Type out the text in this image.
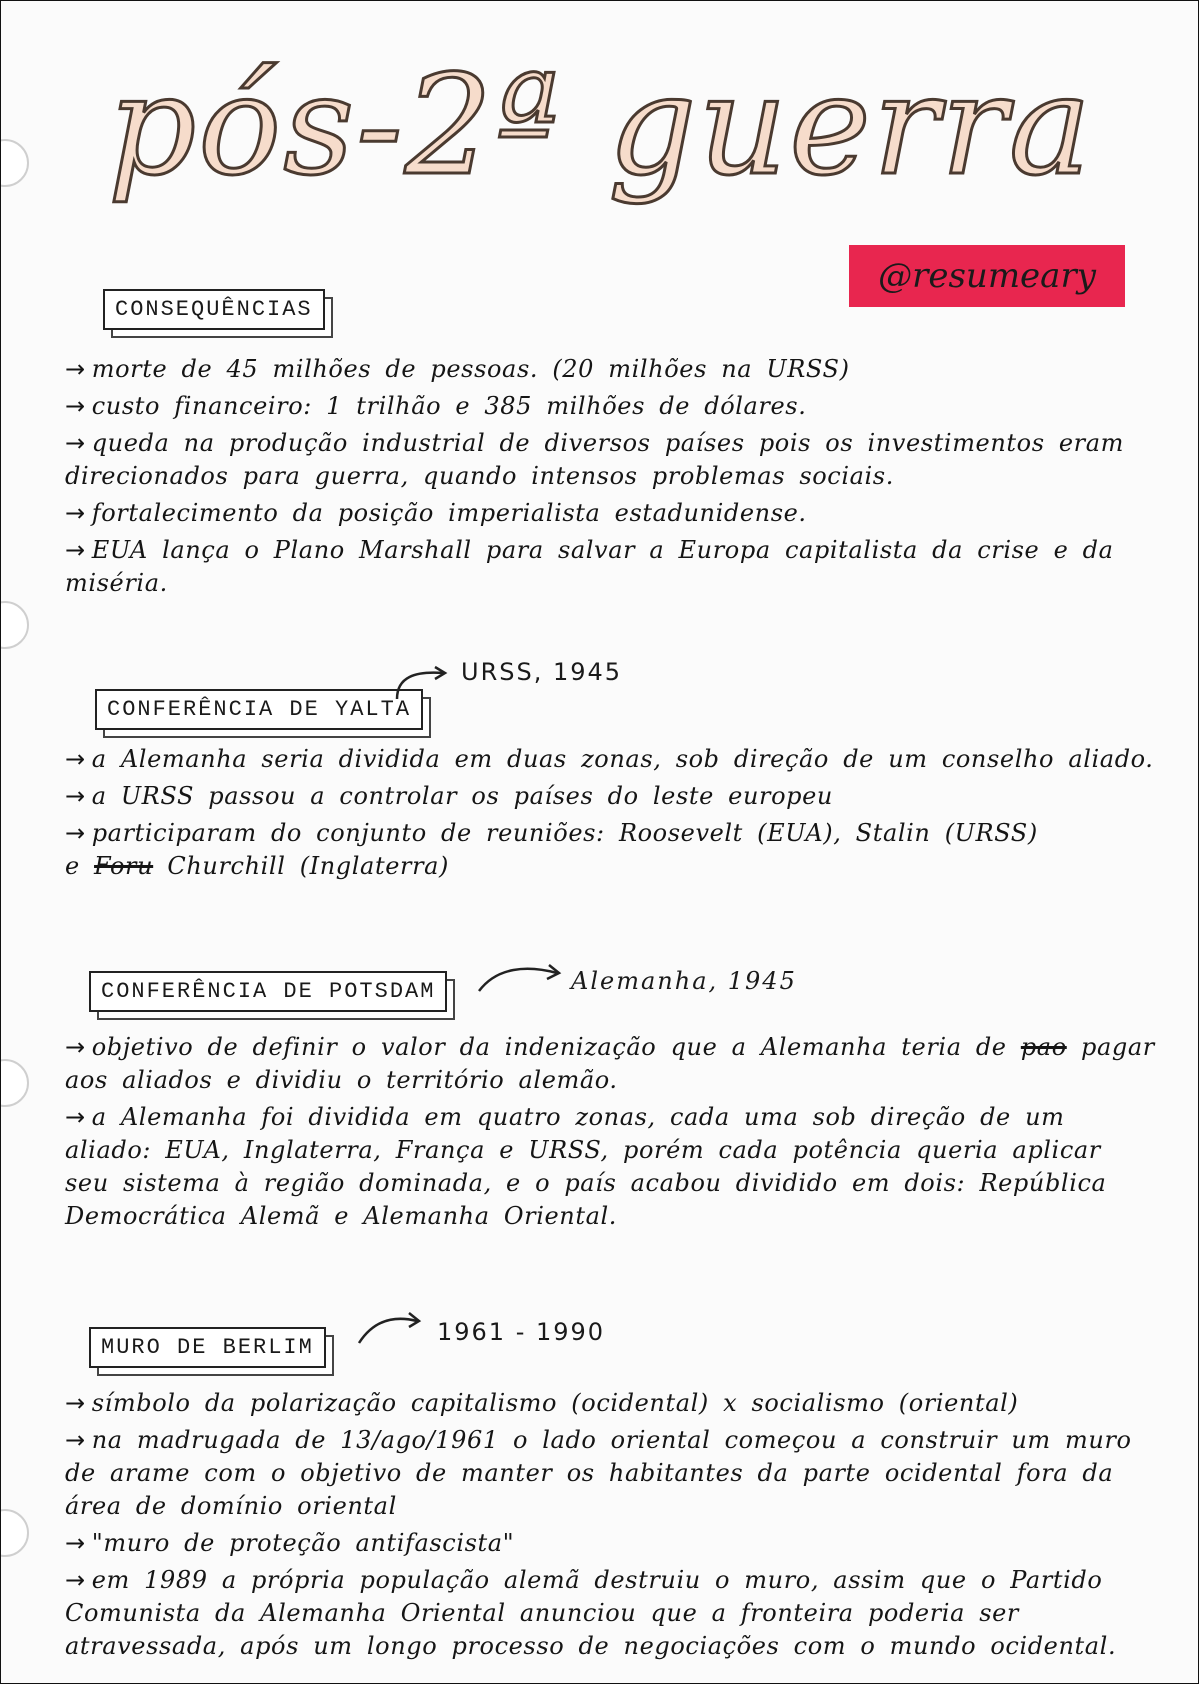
pós-2ª guerra
@resumeary
CONSEQUÊNCIAS

→ morte de 45 milhões de pessoas. (20 milhões na URSS)

→ custo financeiro: 1 trilhão e 385 milhões de dólares.

→ queda na produção industrial de diversos países pois os investimentos eram direcionados para guerra, quando intensos problemas sociais.

→ fortalecimento da posição imperialista estadunidense.

→ EUA lança o Plano Marshall para salvar a Europa capitalista da crise e da miséria.

CONFERÊNCIA DE YALTA
URSS, 1945

→ a Alemanha seria dividida em duas zonas, sob direção de um conselho aliado.

→ a URSS passou a controlar os países do leste europeu

→ participaram do conjunto de reuniões: Roosevelt (EUA), Stalin (URSS)

e Foru Churchill (Inglaterra)

CONFERÊNCIA DE POTSDAM	Alemanha, 1945

→ objetivo de definir o valor da indenização que a Alemanha teria de pao pagar aos aliados e dividiu o território alemão.

→ a Alemanha foi dividida em quatro zonas, cada uma sob direção de um aliado: EUA, Inglaterra, França e URSS, porém cada potência queria aplicar seu sistema à região dominada, e o país acabou dividido em dois: República Democrática Alemã e Alemanha Oriental.

MURO DE BERLIM
1961 - 1990

→ símbolo da polarização capitalismo (ocidental) x socialismo (oriental)

→ na madrugada de 13/ago/1961 o lado oriental começou a construir um muro de arame com o objetivo de manter os habitantes da parte ocidental fora da área de domínio oriental

→ "muro de proteção antifascista"

→ em 1989 a própria população alemã destruiu o muro, assim que o Partido Comunista da Alemanha Oriental anunciou que a fronteira poderia ser atravessada, após um longo processo de negociações com o mundo ocidental.
